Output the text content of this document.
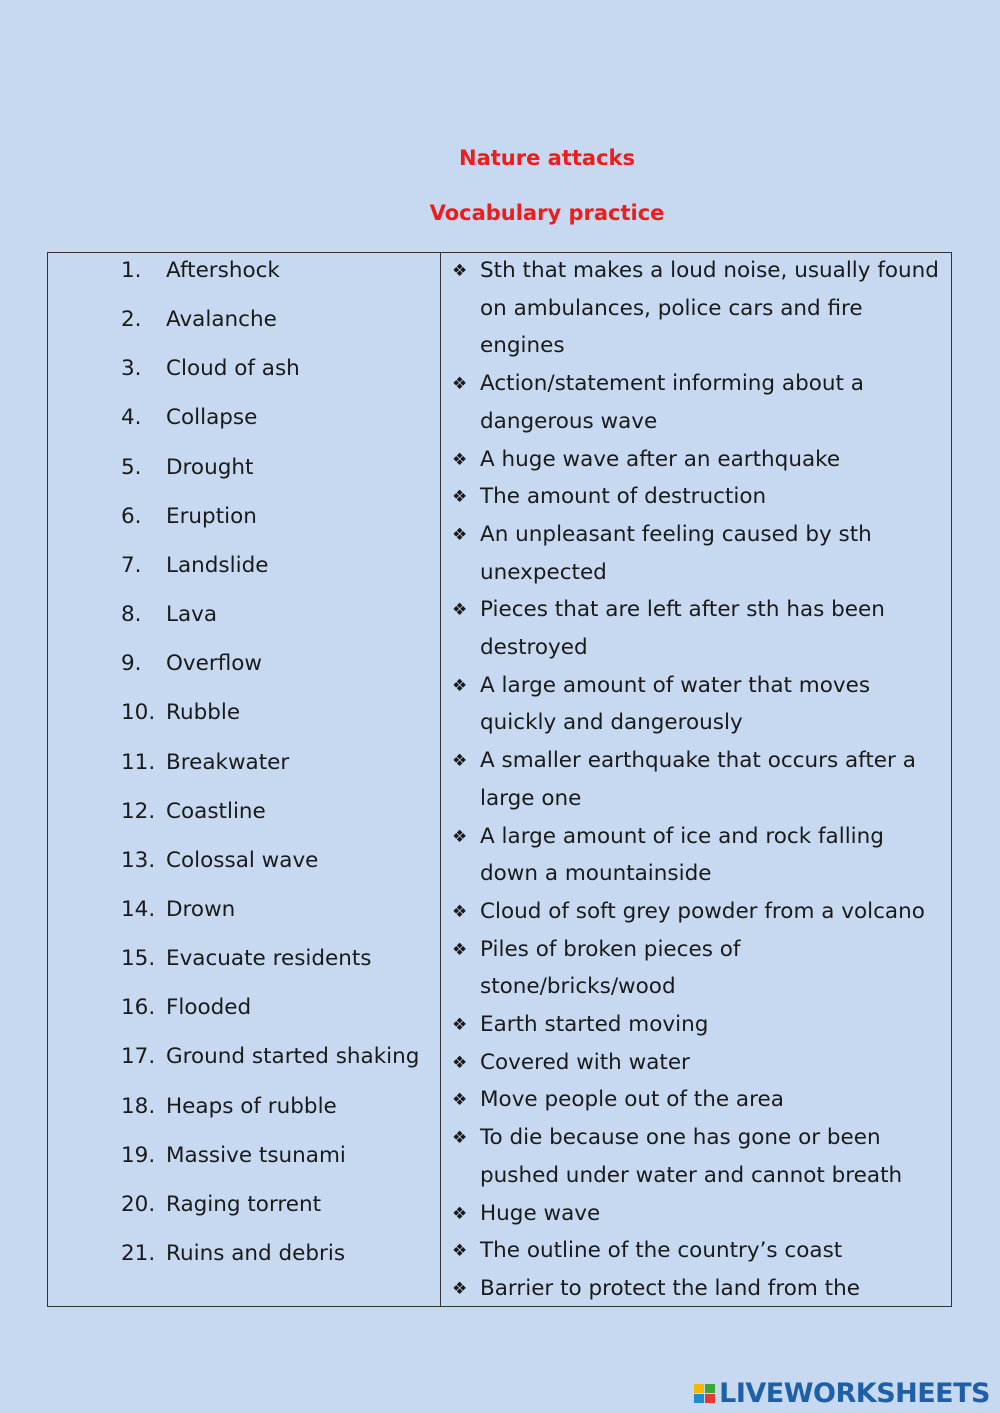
Nature attacks
Vocabulary practice
1. Aftershock
2. Avalanche
3. Cloud of ash
4. Collapse
5. Drought
6. Eruption
7. Landslide
8. Lava
9. Overflow
10. Rubble
11. Breakwater
12. Coastline
13. Colossal wave
14. Drown
15. Evacuate residents
16. Flooded
17. Ground started shaking
18. Heaps of rubble
19. Massive tsunami
20. Raging torrent
21. Ruins and debris
❖ Sth that makes a loud noise, usually found
on ambulances, police cars and fire
engines
❖ Action/statement informing about a
dangerous wave
❖ A huge wave after an earthquake
❖ The amount of destruction
❖ An unpleasant feeling caused by sth
unexpected
❖ Pieces that are left after sth has been
destroyed
❖ A large amount of water that moves
quickly and dangerously
❖ A smaller earthquake that occurs after a
large one
❖ A large amount of ice and rock falling
down a mountainside
❖ Cloud of soft grey powder from a volcano
❖ Piles of broken pieces of
stone/bricks/wood
❖ Earth started moving
❖ Covered with water
❖ Move people out of the area
❖ To die because one has gone or been
pushed under water and cannot breath
❖ Huge wave
❖ The outline of the country’s coast
❖ Barrier to protect the land from the
LIVEWORKSHEETS
